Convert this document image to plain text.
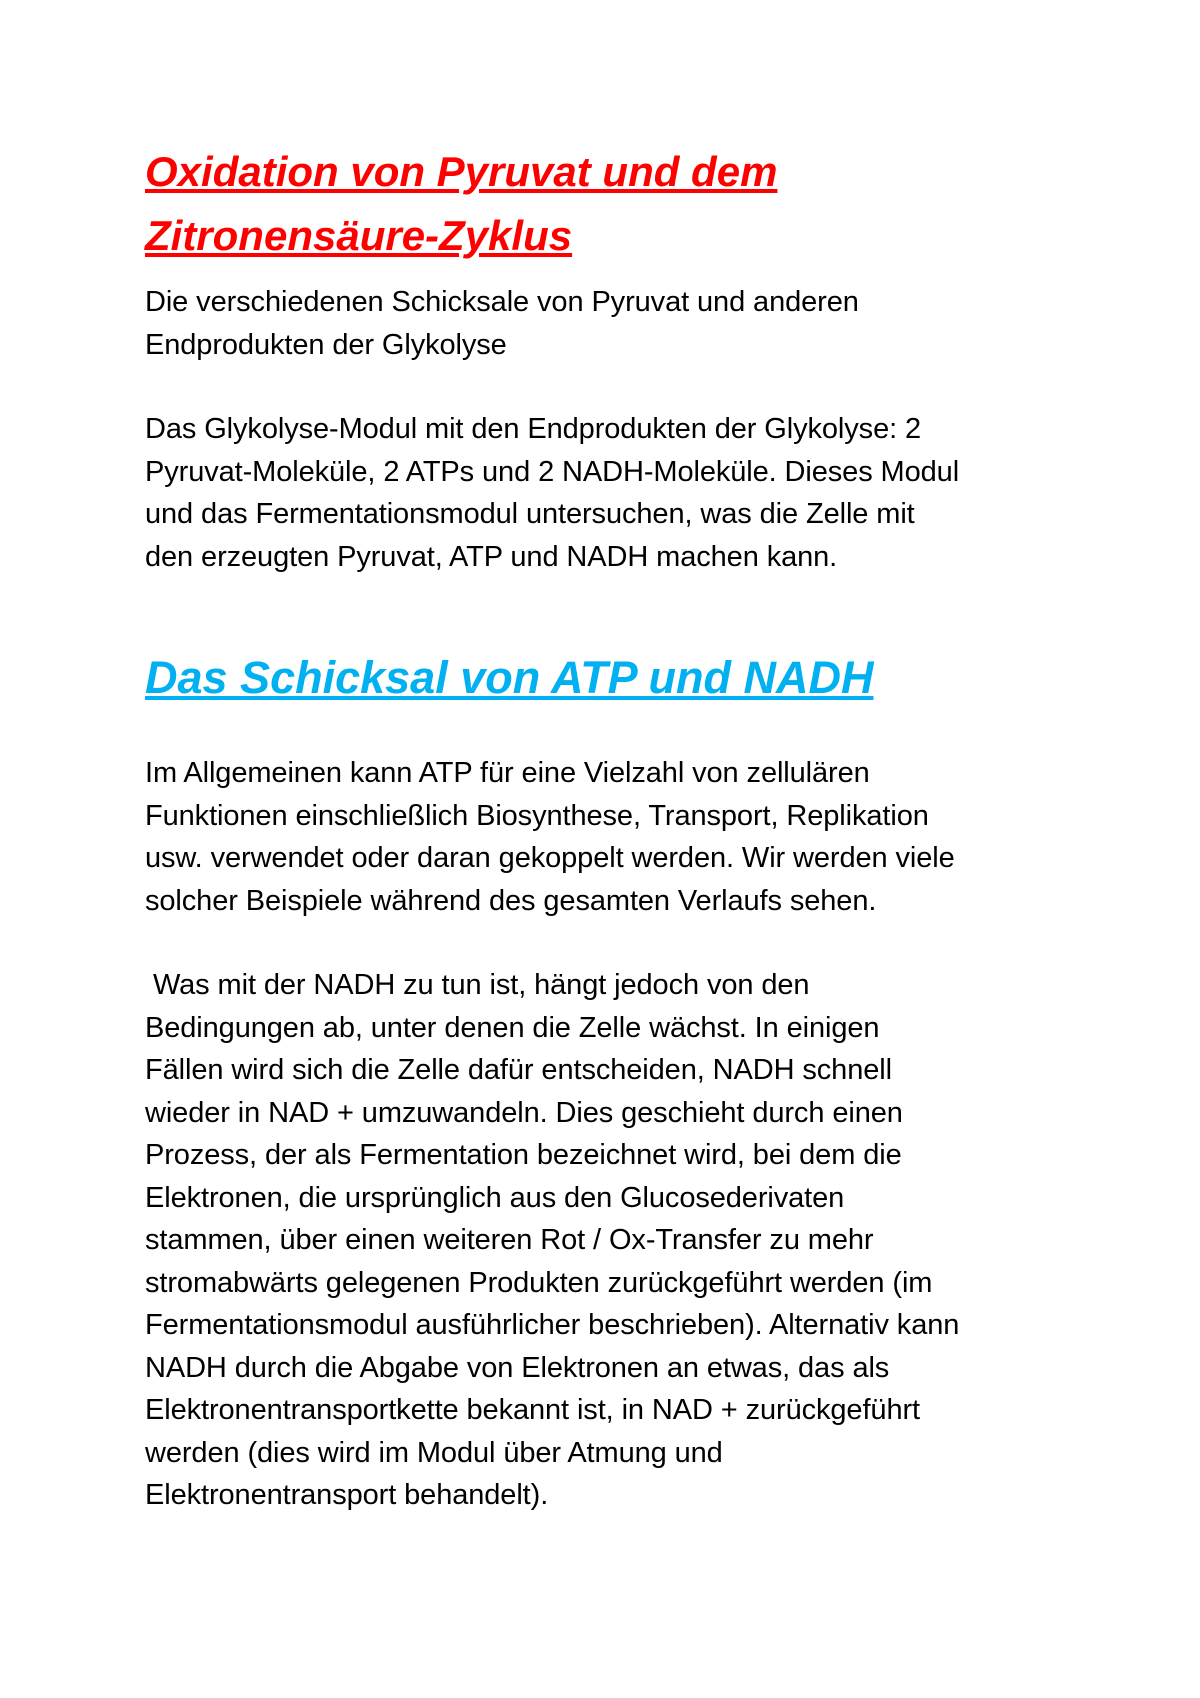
Oxidation von Pyruvat und dem
Zitronensäure-Zyklus

Die verschiedenen Schicksale von Pyruvat und anderen
Endprodukten der Glykolyse

Das Glykolyse-Modul mit den Endprodukten der Glykolyse: 2
Pyruvat-Moleküle, 2 ATPs und 2 NADH-Moleküle. Dieses Modul
und das Fermentationsmodul untersuchen, was die Zelle mit
den erzeugten Pyruvat, ATP und NADH machen kann.

Das Schicksal von ATP und NADH

Im Allgemeinen kann ATP für eine Vielzahl von zellulären
Funktionen einschließlich Biosynthese, Transport, Replikation
usw. verwendet oder daran gekoppelt werden. Wir werden viele
solcher Beispiele während des gesamten Verlaufs sehen.

Was mit der NADH zu tun ist, hängt jedoch von den
Bedingungen ab, unter denen die Zelle wächst. In einigen
Fällen wird sich die Zelle dafür entscheiden, NADH schnell
wieder in NAD + umzuwandeln. Dies geschieht durch einen
Prozess, der als Fermentation bezeichnet wird, bei dem die
Elektronen, die ursprünglich aus den Glucosederivaten
stammen, über einen weiteren Rot / Ox-Transfer zu mehr
stromabwärts gelegenen Produkten zurückgeführt werden (im
Fermentationsmodul ausführlicher beschrieben). Alternativ kann
NADH durch die Abgabe von Elektronen an etwas, das als
Elektronentransportkette bekannt ist, in NAD + zurückgeführt
werden (dies wird im Modul über Atmung und
Elektronentransport behandelt).
